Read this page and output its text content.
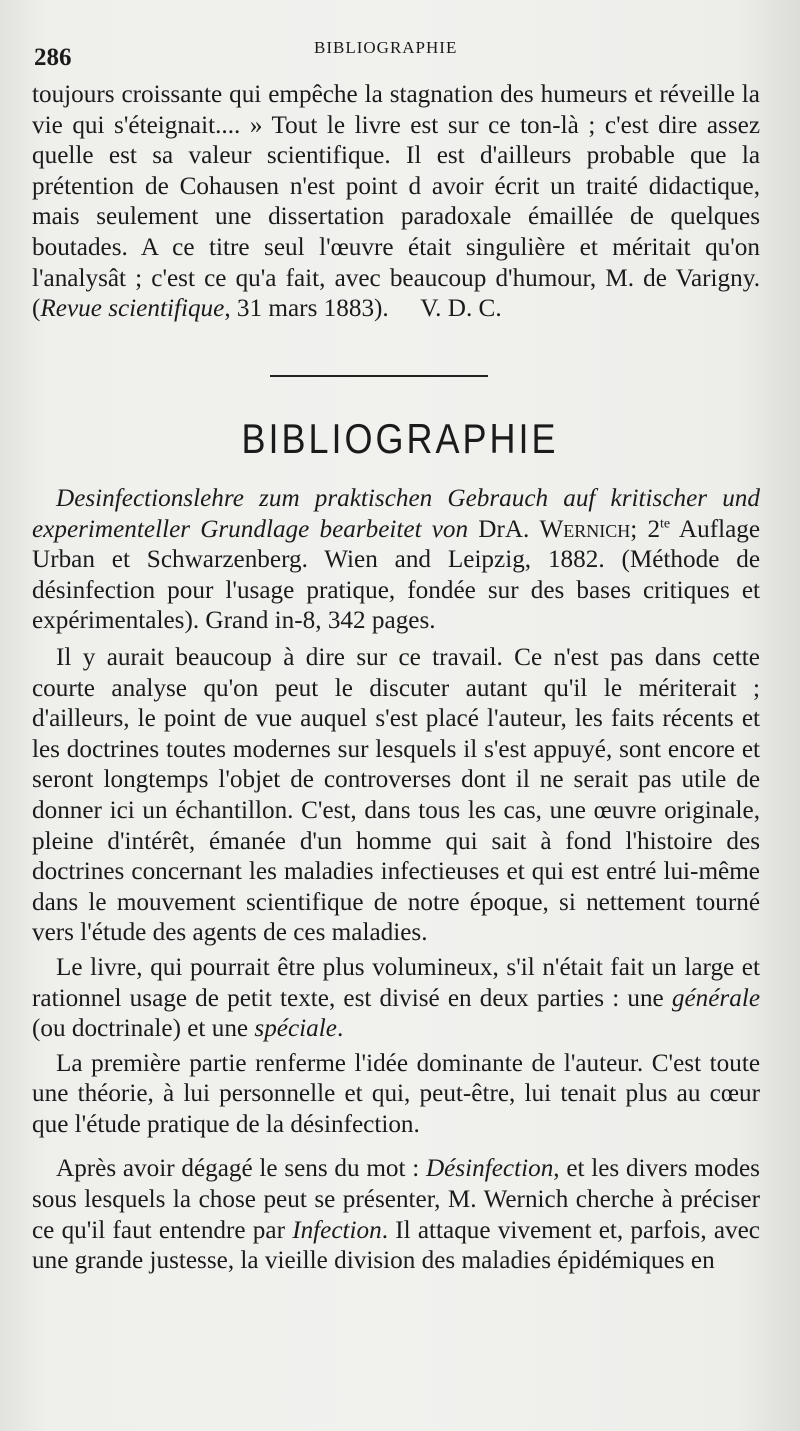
286	BIBLIOGRAPHIE

toujours croissante qui empêche la stagnation des humeurs et réveille la vie qui s'éteignait.... » Tout le livre est sur ce ton-là ; c'est dire assez quelle est sa valeur scientifique. Il est d'ailleurs probable que la prétention de Cohausen n'est point d avoir écrit un traité didactique, mais seulement une dissertation paradoxale émaillée de quelques boutades. A ce titre seul l'œuvre était singulière et méritait qu'on l'analysât ; c'est ce qu'a fait, avec beaucoup d'humour, M. de Varigny. (Revue scientifique, 31 mars 1883). V. D. C.

BIBLIOGRAPHIE

Desinfectionslehre zum praktischen Gebrauch auf kritischer und experimenteller Grundlage bearbeitet von DrA. Wernich; $2^{te}$ Auflage Urban et Schwarzenberg. Wien and Leipzig, 1882. (Méthode de désinfection pour l'usage pratique, fondée sur des bases critiques et expérimentales). Grand in-8, 342 pages.

Il y aurait beaucoup à dire sur ce travail. Ce n'est pas dans cette courte analyse qu'on peut le discuter autant qu'il le mériterait ; d'ailleurs, le point de vue auquel s'est placé l'auteur, les faits récents et les doctrines toutes modernes sur lesquels il s'est appuyé, sont encore et seront longtemps l'objet de controverses dont il ne serait pas utile de donner ici un échantillon. C'est, dans tous les cas, une œuvre originale, pleine d'intérêt, émanée d'un homme qui sait à fond l'histoire des doctrines concernant les maladies infectieuses et qui est entré lui-même dans le mouvement scientifique de notre époque, si nettement tourné vers l'étude des agents de ces maladies.

Le livre, qui pourrait être plus volumineux, s'il n'était fait un large et rationnel usage de petit texte, est divisé en deux parties : une générale (ou doctrinale) et une spéciale.

La première partie renferme l'idée dominante de l'auteur. C'est toute une théorie, à lui personnelle et qui, peut-être, lui tenait plus au cœur que l'étude pratique de la désinfection.

Après avoir dégagé le sens du mot : Désinfection, et les divers modes sous lesquels la chose peut se présenter, M. Wernich cherche à préciser ce qu'il faut entendre par Infection. Il attaque vivement et, parfois, avec une grande justesse, la vieille division des maladies épidémiques en
